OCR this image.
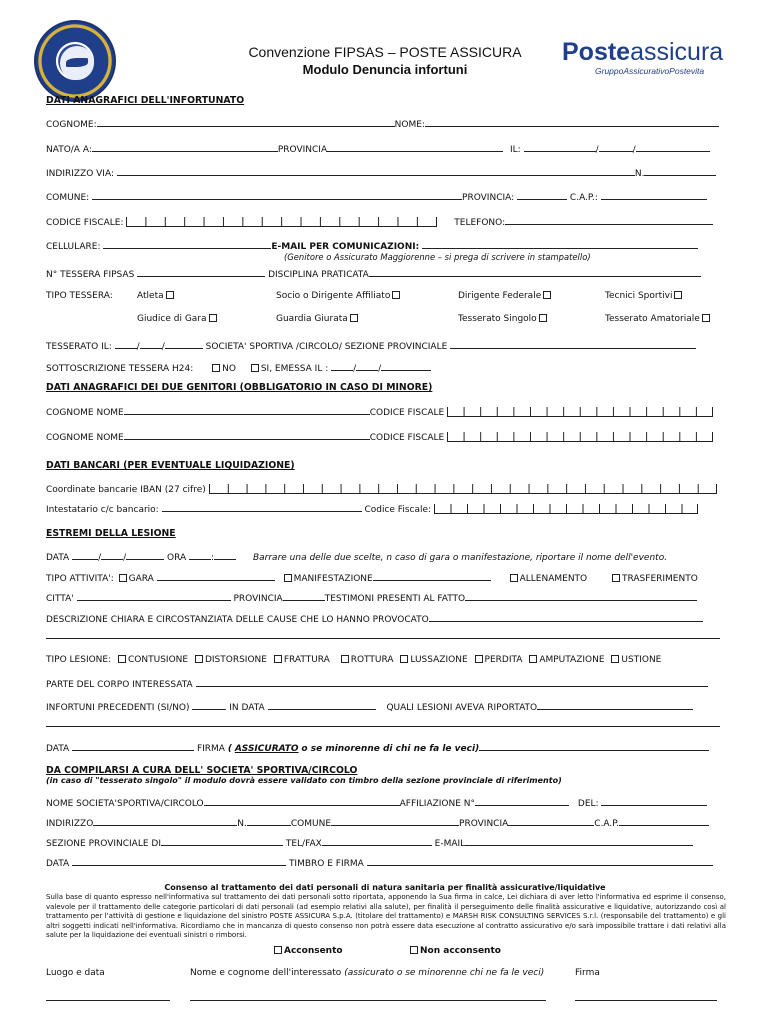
Convenzione FIPSAS – POSTE ASSICURA
Modulo Denuncia infortuni
Posteassicura
GruppoAssicurativoPostevita
DATI ANAGRAFICI DELL'INFORTUNATO
COGNOME:	NOME:
NATO/A A:	PROVINCIA	IL:	/	/
INDIRIZZO VIA:	N.
COMUNE:	PROVINCIA:	C.A.P.:
CODICE FISCALE:	TELEFONO:
CELLULARE:	E-MAIL PER COMUNICAZIONI:
(Genitore o Assicurato Maggiorenne – si prega di scrivere in stampatello)
N° TESSERA FIPSAS	DISCIPLINA PRATICATA
TIPO TESSERA:	Atleta	Socio o Dirigente Affiliato	Dirigente Federale	Tecnici Sportivi
Giudice di Gara	Guardia Giurata	Tesserato Singolo	Tesserato Amatoriale
TESSERATO IL:	/ /	SOCIETA' SPORTIVA /CIRCOLO/ SEZIONE PROVINCIALE
SOTTOSCRIZIONE TESSERA H24:	NO	SI, EMESSA IL :	/ /
DATI ANAGRAFICI DEI DUE GENITORI (OBBLIGATORIO IN CASO DI MINORE)
COGNOME NOME	CODICE FISCALE
COGNOME NOME	CODICE FISCALE
DATI BANCARI (PER EVENTUALE LIQUIDAZIONE)
Coordinate bancarie IBAN (27 cifre)
Intestatario c/c bancario:	Codice Fiscale:
ESTREMI DELLA LESIONE
DATA	/ /	ORA	:	Barrare una delle due scelte, n caso di gara o manifestazione, riportare il nome dell'evento.
TIPO ATTIVITA': GARA	MANIFESTAZIONE	ALLENAMENTO	TRASFERIMENTO
CITTA'	PROVINCIA	TESTIMONI PRESENTI AL FATTO
DESCRIZIONE CHIARA E CIRCOSTANZIATA DELLE CAUSE CHE LO HANNO PROVOCATO
TIPO LESIONE: CONTUSIONE DISTORSIONE FRATTURA ROTTURA LUSSAZIONE PERDITA AMPUTAZIONE USTIONE
PARTE DEL CORPO INTERESSATA
INFORTUNI PRECEDENTI (SI/NO)	IN DATA	QUALI LESIONI AVEVA RIPORTATO
DATA	FIRMA ( ASSICURATO o se minorenne di chi ne fa le veci)
DA COMPILARSI A CURA DELL' SOCIETA' SPORTIVA/CIRCOLO
(in caso di "tesserato singolo" il modulo dovrà essere validato con timbro della sezione provinciale di riferimento)
NOME SOCIETA'SPORTIVA/CIRCOLO	AFFILIAZIONE N°	DEL:
INDIRIZZO	N.	COMUNE	PROVINCIA	C.A.P.
SEZIONE PROVINCIALE DI	TEL/FAX	E-MAIL
DATA	TIMBRO E FIRMA
Consenso al trattamento dei dati personali di natura sanitaria per finalità assicurative/liquidative
Sulla base di quanto espresso nell'informativa sul trattamento dei dati personali sotto riportata, apponendo la Sua firma in calce, Lei dichiara di aver letto l'informativa ed esprime il consenso, valevole per il trattamento delle categorie particolari di dati personali (ad esempio relativi alla salute), per finalità il perseguimento delle finalità assicurative e liquidative, autorizzando così al trattamento per l'attività di gestione e liquidazione del sinistro POSTE ASSICURA S.p.A. (titolare del trattamento) e MARSH RISK CONSULTING SERVICES S.r.l. (responsabile del trattamento) e gli altri soggetti indicati nell'informativa. Ricordiamo che in mancanza di questo consenso non potrà essere data esecuzione al contratto assicurativo e/o sarà impossibile trattare i dati relativi alla salute per la liquidazione dei eventuali sinistri o rimborsi.
Acconsento	Non acconsento
Luogo e data	Nome e cognome dell'interessato (assicurato o se minorenne chi ne fa le veci)	Firma
